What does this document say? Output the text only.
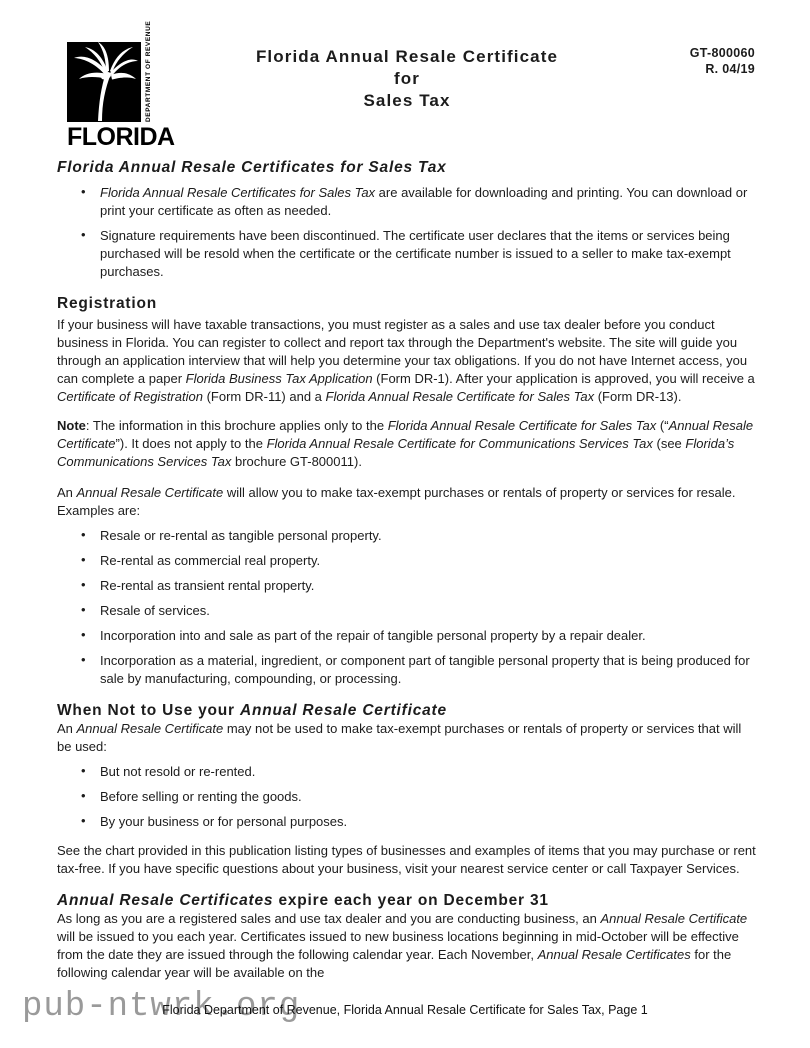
DEPARTMENT OF REVENUE
FLORIDA
Florida Annual Resale Certificate
for
Sales Tax
GT-800060
R. 04/19
Florida Annual Resale Certificates for Sales Tax
• Florida Annual Resale Certificates for Sales Tax are available for downloading and printing. You can download or print your certificate as often as needed.
• Signature requirements have been discontinued. The certificate user declares that the items or services being purchased will be resold when the certificate or the certificate number is issued to a seller to make tax-exempt purchases.
Registration
If your business will have taxable transactions, you must register as a sales and use tax dealer before you conduct business in Florida. You can register to collect and report tax through the Department's website. The site will guide you through an application interview that will help you determine your tax obligations. If you do not have Internet access, you can complete a paper Florida Business Tax Application (Form DR-1). After your application is approved, you will receive a Certificate of Registration (Form DR-11) and a Florida Annual Resale Certificate for Sales Tax (Form DR-13).
Note: The information in this brochure applies only to the Florida Annual Resale Certificate for Sales Tax (“Annual Resale Certificate”). It does not apply to the Florida Annual Resale Certificate for Communications Services Tax (see Florida’s Communications Services Tax brochure GT-800011).
An Annual Resale Certificate will allow you to make tax-exempt purchases or rentals of property or services for resale. Examples are:
• Resale or re-rental as tangible personal property.
• Re-rental as commercial real property.
• Re-rental as transient rental property.
• Resale of services.
• Incorporation into and sale as part of the repair of tangible personal property by a repair dealer.
• Incorporation as a material, ingredient, or component part of tangible personal property that is being produced for sale by manufacturing, compounding, or processing.
When Not to Use your Annual Resale Certificate
An Annual Resale Certificate may not be used to make tax-exempt purchases or rentals of property or services that will be used:
• But not resold or re-rented.
• Before selling or renting the goods.
• By your business or for personal purposes.
See the chart provided in this publication listing types of businesses and examples of items that you may purchase or rent tax-free. If you have specific questions about your business, visit your nearest service center or call Taxpayer Services.
Annual Resale Certificates expire each year on December 31
As long as you are a registered sales and use tax dealer and you are conducting business, an Annual Resale Certificate will be issued to you each year. Certificates issued to new business locations beginning in mid-October will be effective from the date they are issued through the following calendar year. Each November, Annual Resale Certificates for the following calendar year will be available on the
pub-ntwrk.org
Florida Department of Revenue, Florida Annual Resale Certificate for Sales Tax, Page 1
